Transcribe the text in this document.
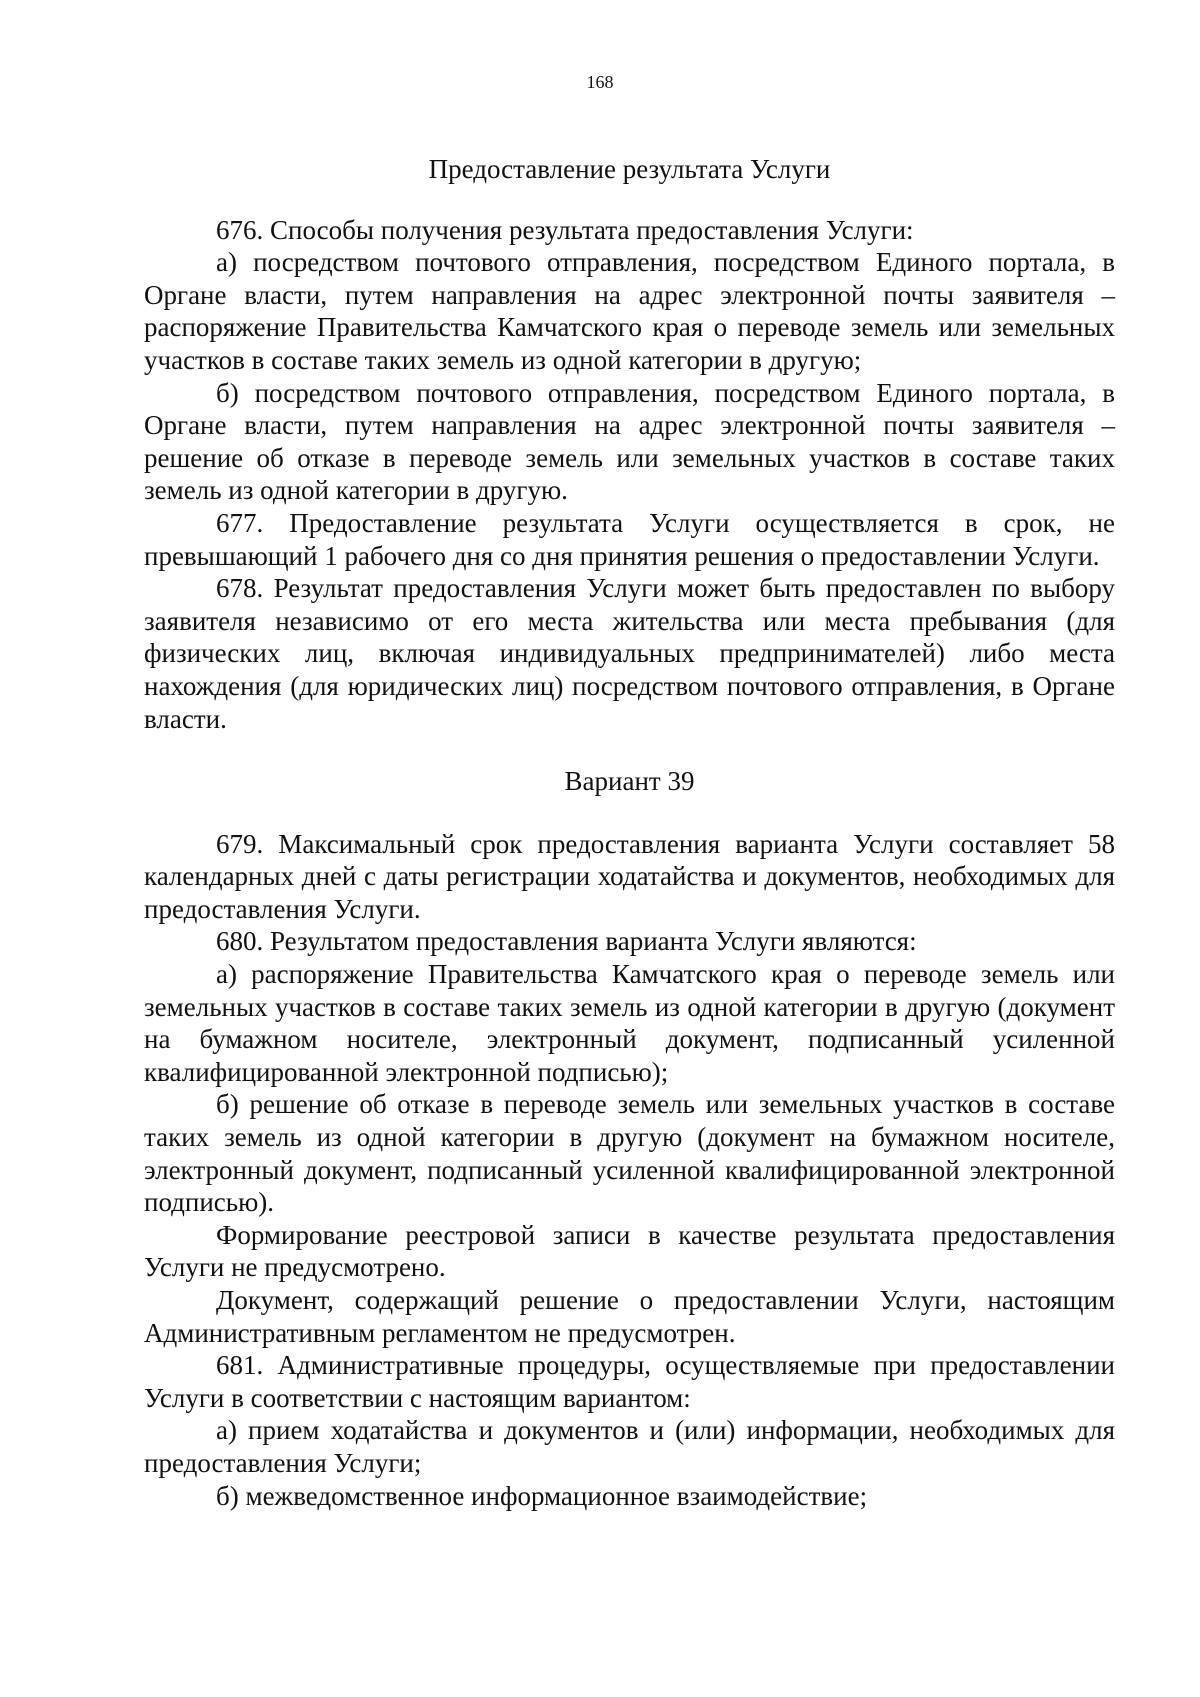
168
Предоставление результата Услуги

676. Способы получения результата предоставления Услуги:

а) посредством почтового отправления, посредством Единого портала, в Органе власти, путем направления на адрес электронной почты заявителя – распоряжение Правительства Камчатского края о переводе земель или земельных участков в составе таких земель из одной категории в другую;

б) посредством почтового отправления, посредством Единого портала, в Органе власти, путем направления на адрес электронной почты заявителя – решение об отказе в переводе земель или земельных участков в составе таких земель из одной категории в другую.

677. Предоставление результата Услуги осуществляется в срок, не превышающий 1 рабочего дня со дня принятия решения о предоставлении Услуги.

678. Результат предоставления Услуги может быть предоставлен по выбору заявителя независимо от его места жительства или места пребывания (для физических лиц, включая индивидуальных предпринимателей) либо места нахождения (для юридических лиц) посредством почтового отправления, в Органе власти.

Вариант 39

679. Максимальный срок предоставления варианта Услуги составляет 58 календарных дней с даты регистрации ходатайства и документов, необходимых для предоставления Услуги.

680. Результатом предоставления варианта Услуги являются:

а) распоряжение Правительства Камчатского края о переводе земель или земельных участков в составе таких земель из одной категории в другую (документ на бумажном носителе, электронный документ, подписанный усиленной квалифицированной электронной подписью);

б) решение об отказе в переводе земель или земельных участков в составе таких земель из одной категории в другую (документ на бумажном носителе, электронный документ, подписанный усиленной квалифицированной электронной подписью).

Формирование реестровой записи в качестве результата предоставления Услуги не предусмотрено.

Документ, содержащий решение о предоставлении Услуги, настоящим Административным регламентом не предусмотрен.

681. Административные процедуры, осуществляемые при предоставлении Услуги в соответствии с настоящим вариантом:

а) прием ходатайства и документов и (или) информации, необходимых для предоставления Услуги;

б) межведомственное информационное взаимодействие;
